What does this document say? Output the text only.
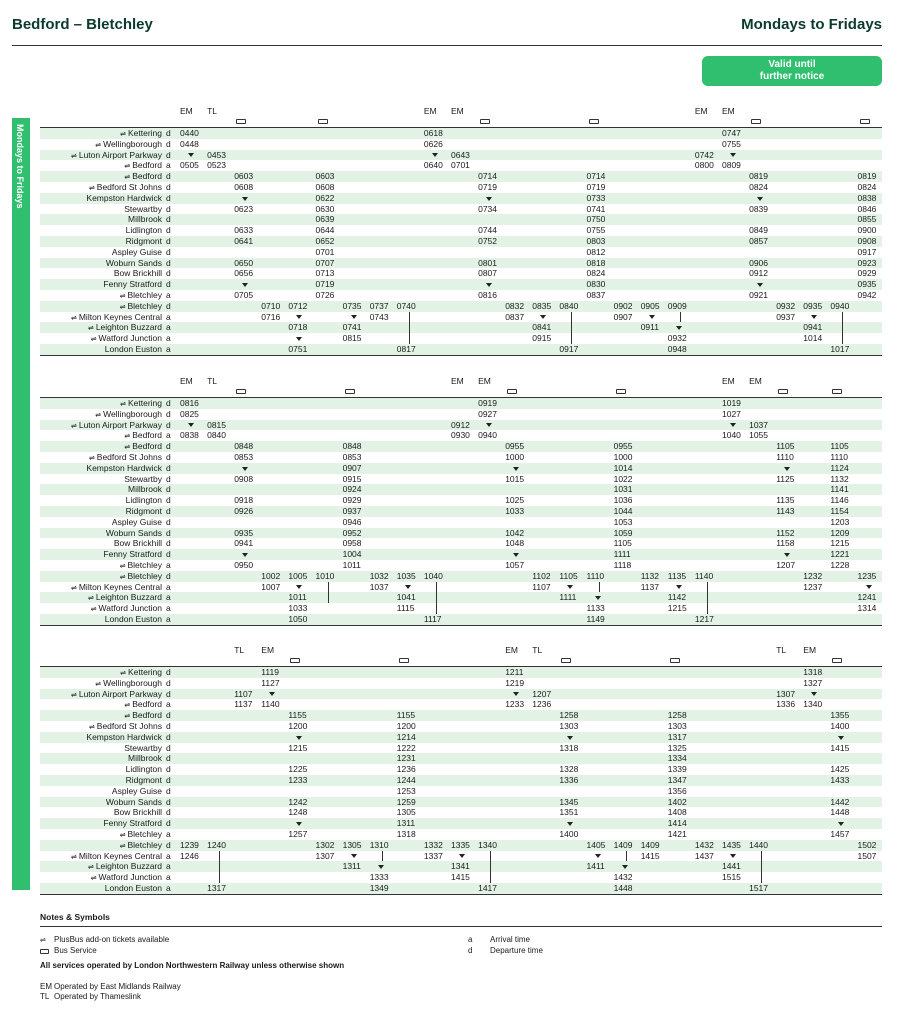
Bedford – Bletchley	Mondays to Fridays
Valid until
further notice
Mondays to Fridays
EM	TL	EM	EM	EM	EM
⇌ Kettering d	0440	0618	0747
⇌ Wellingborough d	0448	0626	0755
⇌ Luton Airport Parkway d	0453	0643	0742
⇌ Bedford a	0505 0523	0640 0701	0800 0809
⇌ Bedford d	0603	0603	0714	0714	0819	0819
⇌ Bedford St Johns d	0608	0608	0719	0719	0824	0824
Kempston Hardwick d	0622	0733	0838
Stewartby d	0623	0630	0734	0741	0839	0846
Millbrook d	0639	0750	0855
Lidlington d	0633	0644	0744	0755	0849	0900
Ridgmont d	0641	0652	0752	0803	0857	0908
Aspley Guise d	0701	0812	0917
Woburn Sands d	0650	0707	0801	0818	0906	0923
Bow Brickhill d	0656	0713	0807	0824	0912	0929
Fenny Stratford d	0719	0830	0935
⇌ Bletchley a	0705	0726	0816	0837	0921	0942
⇌ Bletchley d	0710 0712	0735 0737 0740	0832 0835 0840	0902 0905 0909	0932 0935 0940
⇌ Milton Keynes Central a	0716	0743	0837	0907	0937
⇌ Leighton Buzzard a	0718	0741	0841	0911	0941
⇌ Watford Junction a	0815	0915	0932	1014
London Euston a	0751	0817	0917	0948	1017
EM	TL	EM	EM	EM	EM
⇌ Kettering d	0816	0919	1019
⇌ Wellingborough d	0825	0927	1027
⇌ Luton Airport Parkway d	0815	0912	1037
⇌ Bedford a	0838 0840	0930 0940	1040 1055
⇌ Bedford d	0848	0848	0955	0955	1105	1105
⇌ Bedford St Johns d	0853	0853	1000	1000	1110	1110
Kempston Hardwick d	0907	1014	1124
Stewartby d	0908	0915	1015	1022	1125	1132
Millbrook d	0924	1031	1141
Lidlington d	0918	0929	1025	1036	1135	1146
Ridgmont d	0926	0937	1033	1044	1143	1154
Aspley Guise d	0946	1053	1203
Woburn Sands d	0935	0952	1042	1059	1152	1209
Bow Brickhill d	0941	0958	1048	1105	1158	1215
Fenny Stratford d	1004	1111	1221
⇌ Bletchley a	0950	1011	1057	1118	1207	1228
⇌ Bletchley d	1002 1005 1010	1032 1035 1040	1102	1105	1110	1132	1135	1140	1232	1235
⇌ Milton Keynes Central a	1007	1037	1107	1137	1237
⇌ Leighton Buzzard a	1011	1041	1111	1142	1241
⇌ Watford Junction a	1033	1115	1133	1215	1314
London Euston a	1050	1117	1149	1217
TL	EM	EM	TL	TL	EM
⇌ Kettering d	1119	1211	1318
⇌ Wellingborough d	1127	1219	1327
⇌ Luton Airport Parkway d	1107	1207	1307
⇌ Bedford a	1137	1140	1233 1236	1336 1340
⇌ Bedford d	1155	1155	1258	1258	1355
⇌ Bedford St Johns d	1200	1200	1303	1303	1400
Kempston Hardwick d	1214	1317
Stewartby d	1215	1222	1318	1325	1415
Millbrook d	1231	1334
Lidlington d	1225	1236	1328	1339	1425
Ridgmont d	1233	1244	1336	1347	1433
Aspley Guise d	1253	1356
Woburn Sands d	1242	1259	1345	1402	1442
Bow Brickhill d	1248	1305	1351	1408	1448
Fenny Stratford d	1311	1414
⇌ Bletchley a	1257	1318	1400	1421	1457
⇌ Bletchley d	1239 1240	1302 1305 1310	1332 1335 1340	1405 1409 1409	1432 1435 1440	1502
⇌ Milton Keynes Central a	1246	1307	1337	1415	1437	1507
⇌ Leighton Buzzard a	1311	1341	1411	1441
⇌ Watford Junction a	1333	1415	1432	1515
London Euston a	1317	1349	1417	1448	1517
Notes & Symbols
⇌ PlusBus add-on tickets available
Bus Service
a Arrival time
d Departure time
All services operated by London Northwestern Railway unless otherwise shown
EM Operated by East Midlands Railway
TL Operated by Thameslink
